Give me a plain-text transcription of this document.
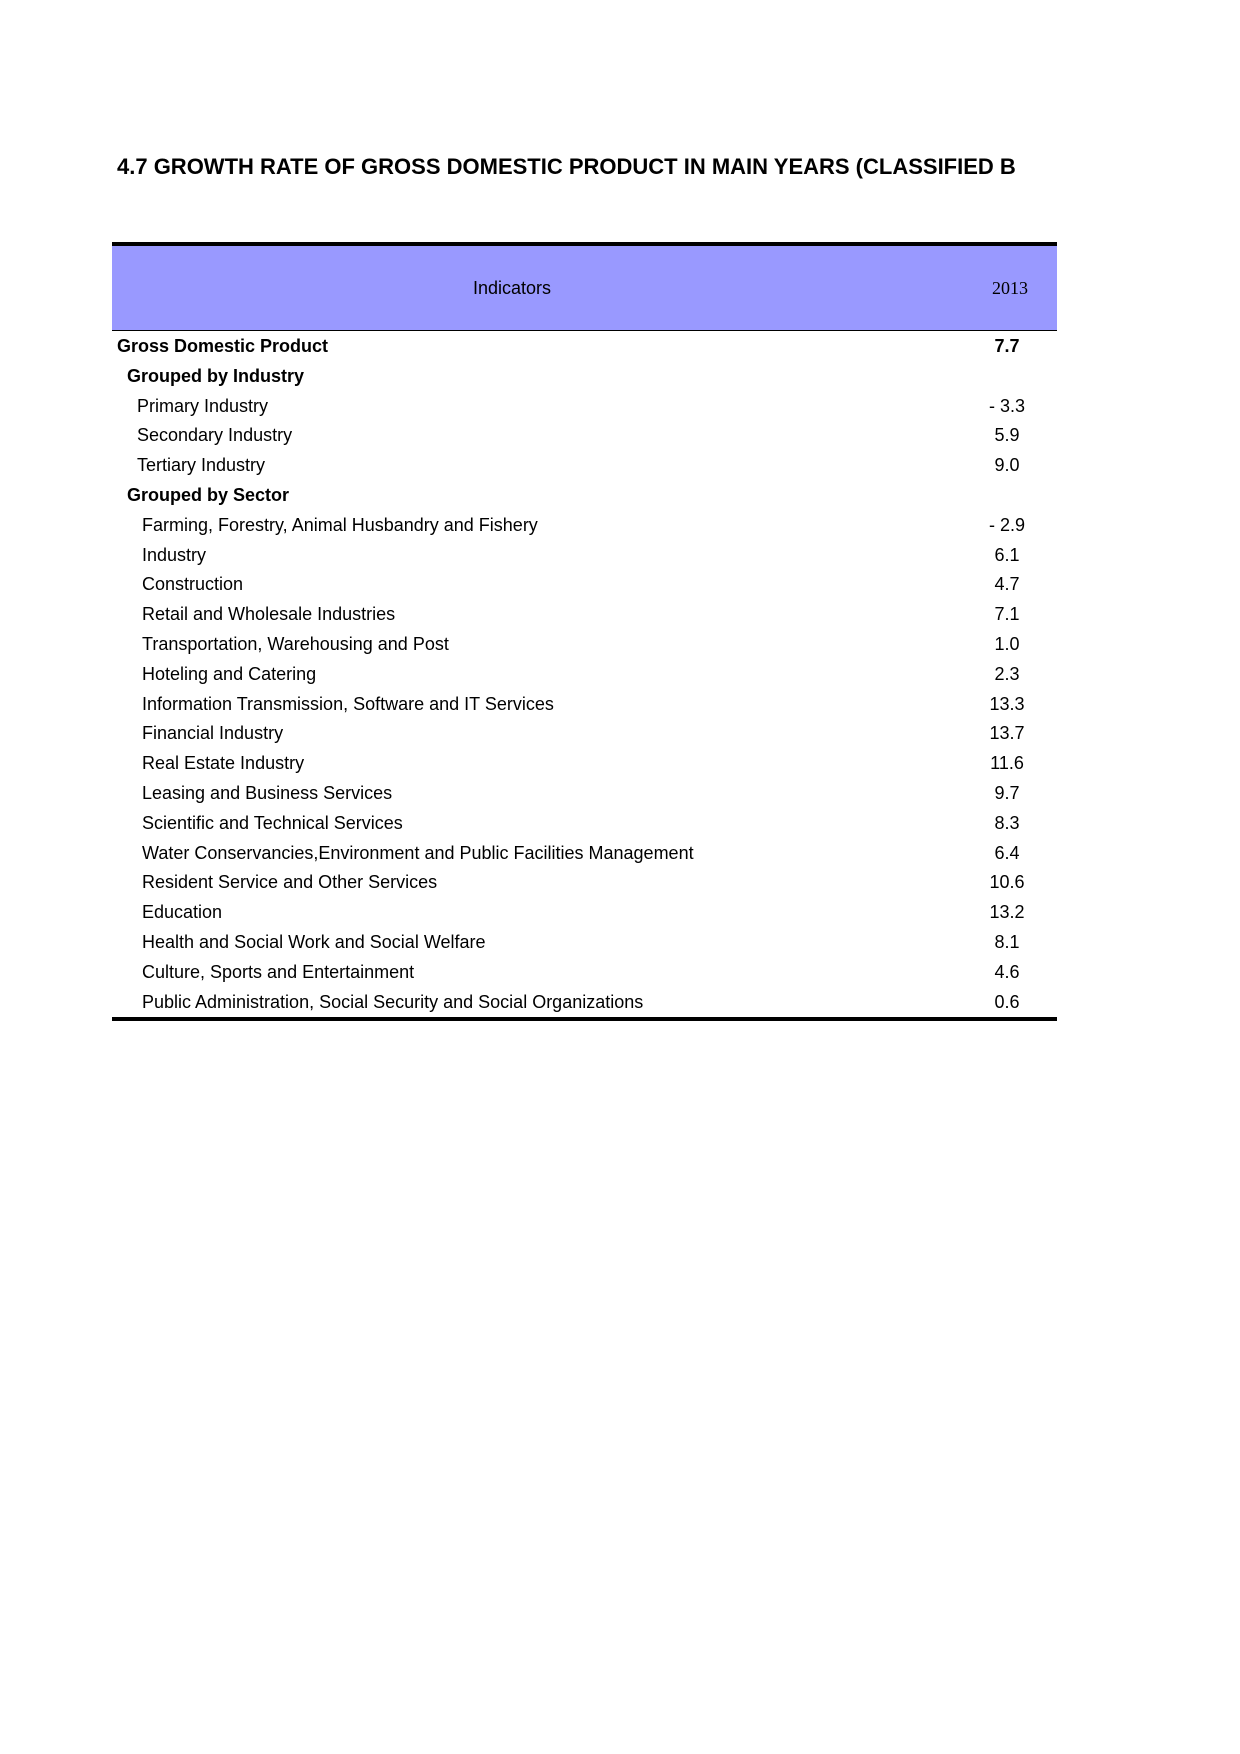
4.7 GROWTH RATE OF GROSS DOMESTIC PRODUCT IN MAIN YEARS (CLASSIFIED B
Indicators	2013
Gross Domestic Product	7.7
Grouped by Industry
Primary Industry	- 3.3
Secondary Industry	5.9
Tertiary Industry	9.0
Grouped by Sector
Farming, Forestry, Animal Husbandry and Fishery	- 2.9
Industry	6.1
Construction	4.7
Retail and Wholesale Industries	7.1
Transportation, Warehousing and Post	1.0
Hoteling and Catering	2.3
Information Transmission, Software and IT Services	13.3
Financial Industry	13.7
Real Estate Industry	11.6
Leasing and Business Services	9.7
Scientific and Technical Services	8.3
Water Conservancies,Environment and Public Facilities Management	6.4
Resident Service and Other Services	10.6
Education	13.2
Health and Social Work and Social Welfare	8.1
Culture, Sports and Entertainment	4.6
Public Administration, Social Security and Social Organizations	0.6
